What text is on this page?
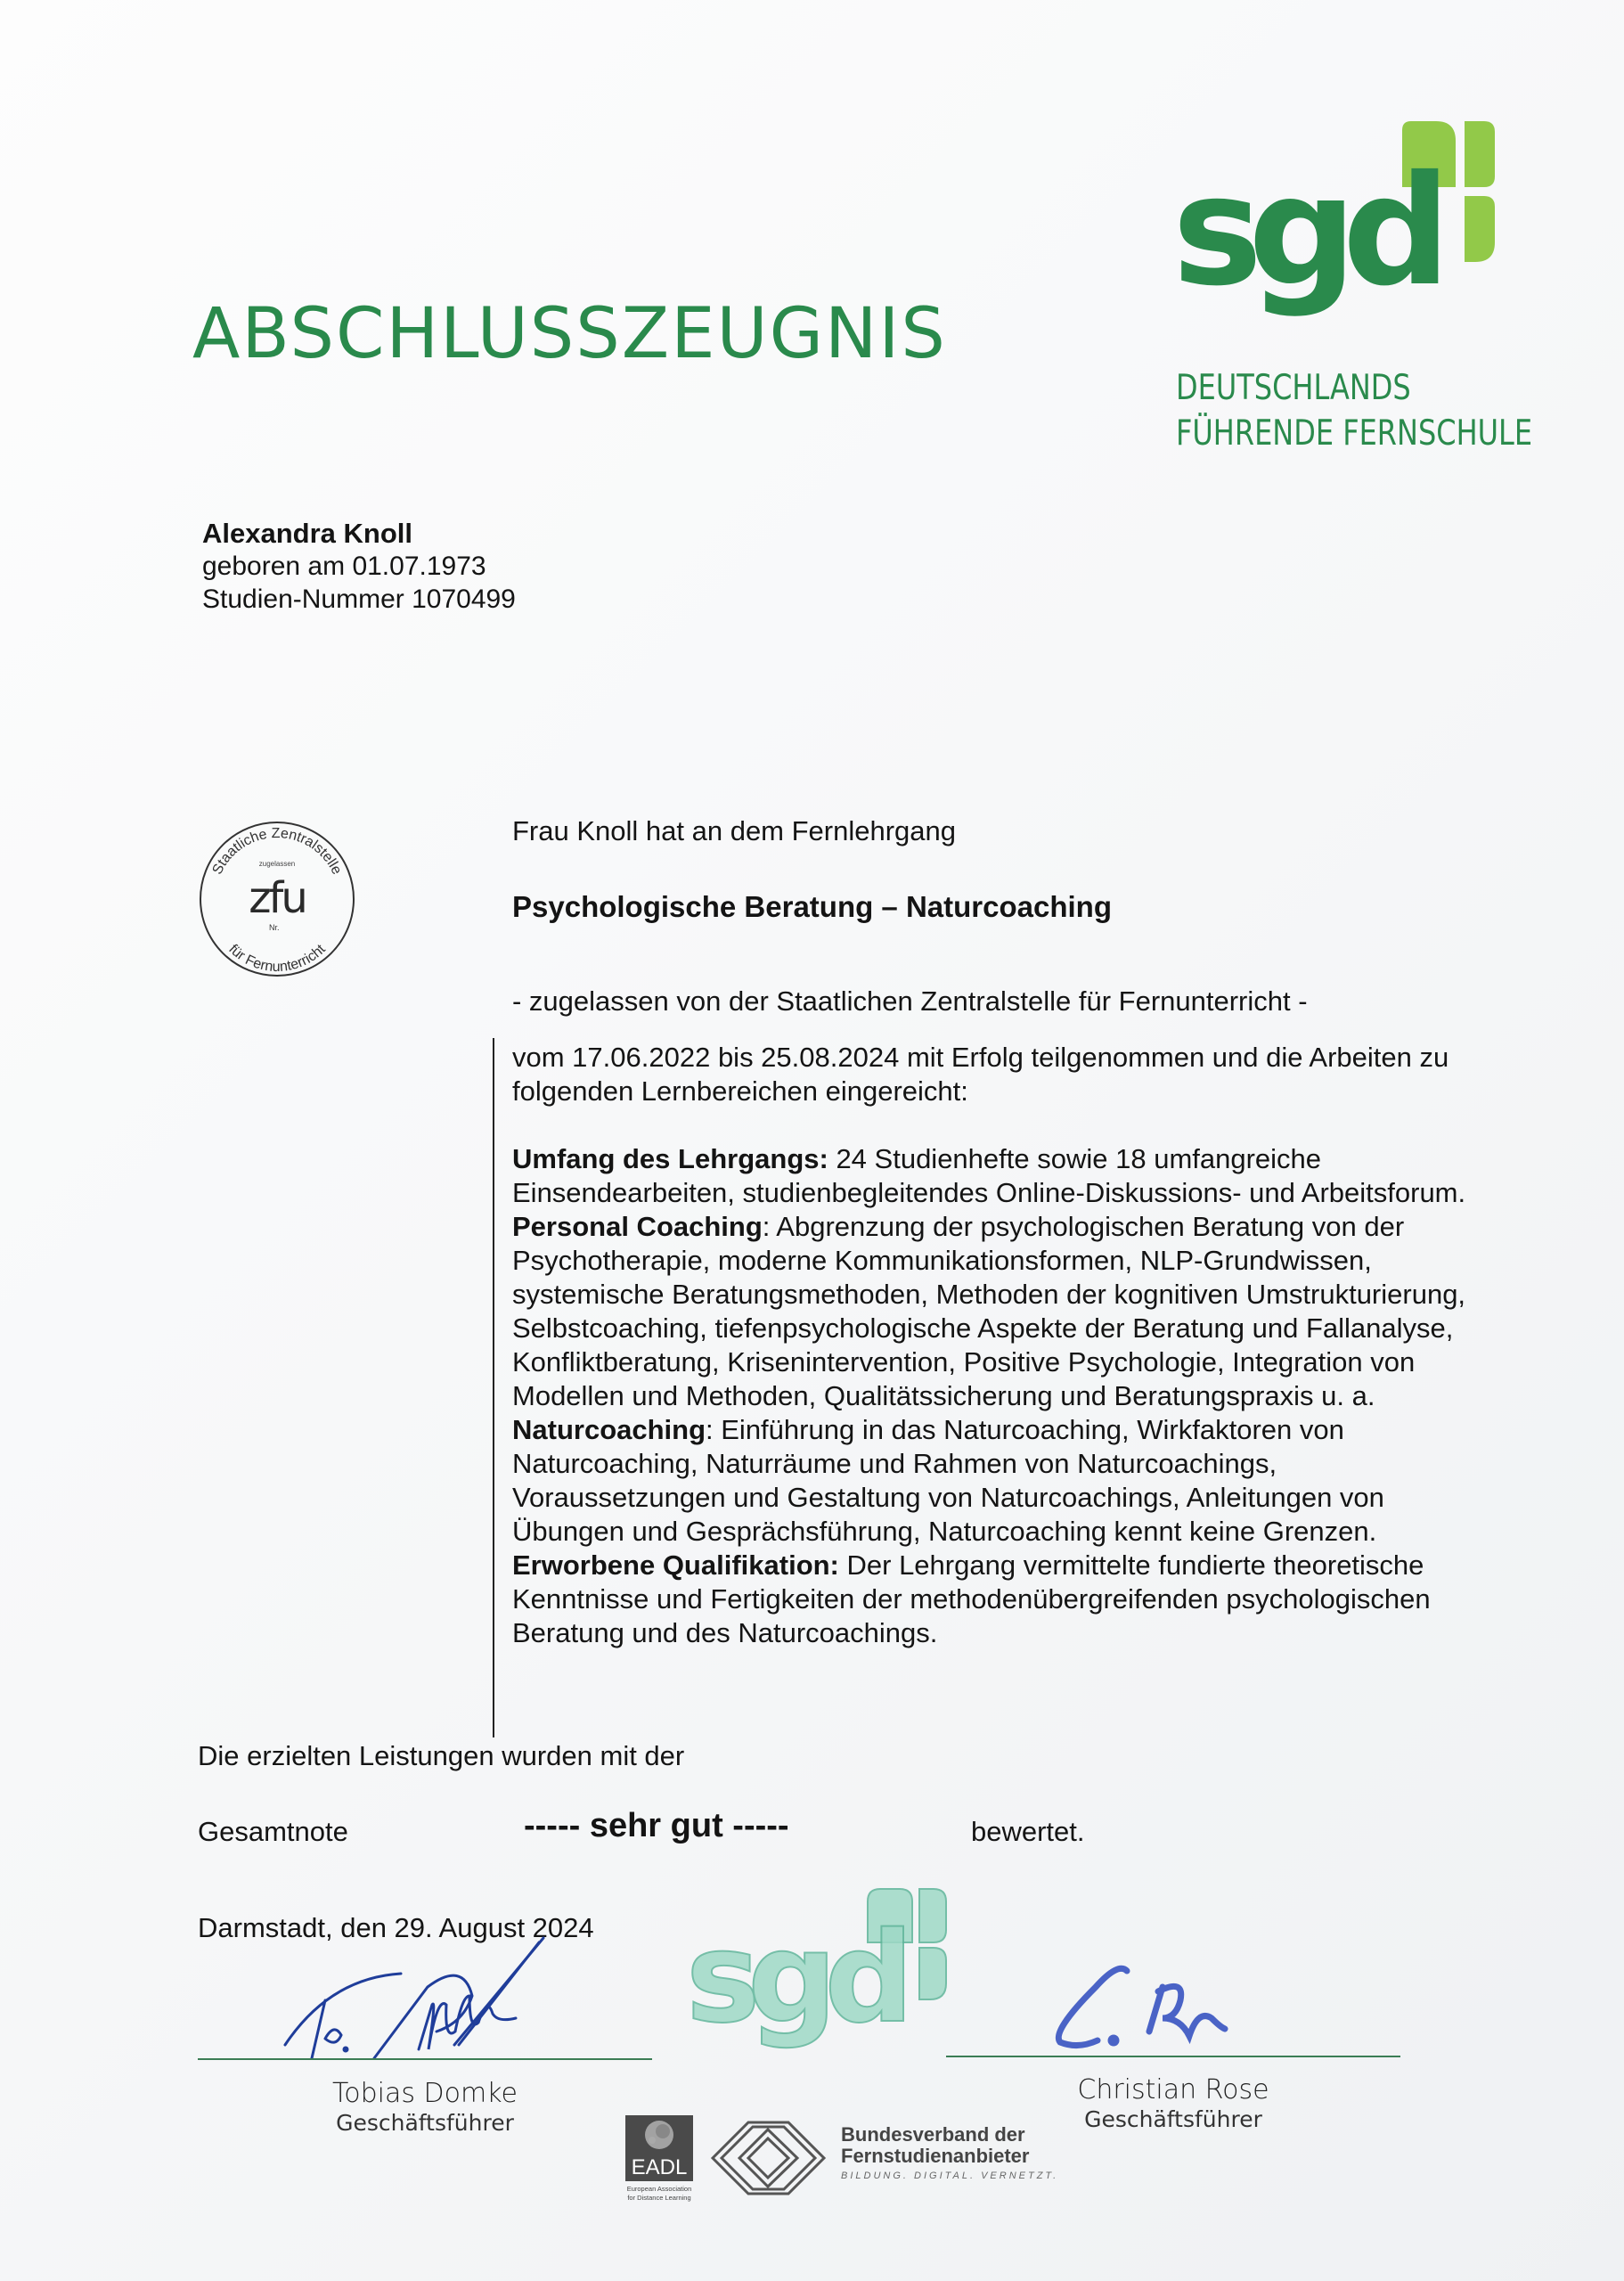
ABSCHLUSSZEUGNIS
sgd
DEUTSCHLANDS
FÜHRENDE FERNSCHULE
Alexandra Knoll
geboren am 01.07.1973
Studien-Nummer 1070499
Staatliche Zentralstelle
für Fernunterricht
zugelassen
zfu
Nr.
Frau Knoll hat an dem Fernlehrgang
Psychologische Beratung – Naturcoaching
- zugelassen von der Staatlichen Zentralstelle für Fernunterricht -

vom 17.06.2022 bis 25.08.2024 mit Erfolg teilgenommen und die Arbeiten zu folgenden Lernbereichen eingereicht:

Umfang des Lehrgangs: 24 Studienhefte sowie 18 umfangreiche Einsendearbeiten, studienbegleitendes Online-Diskussions- und Arbeitsforum.

Personal Coaching: Abgrenzung der psychologischen Beratung von der Psychotherapie, moderne Kommunikationsformen, NLP-Grundwissen, systemische Beratungsmethoden, Methoden der kognitiven Umstrukturierung, Selbstcoaching, tiefenpsychologische Aspekte der Beratung und Fallanalyse, Konfliktberatung, Krisenintervention, Positive Psychologie, Integration von Modellen und Methoden, Qualitätssicherung und Beratungspraxis u. a.

Naturcoaching: Einführung in das Naturcoaching, Wirkfaktoren von Naturcoaching, Naturräume und Rahmen von Naturcoachings, Voraussetzungen und Gestaltung von Naturcoachings, Anleitungen von Übungen und Gesprächsführung, Naturcoaching kennt keine Grenzen.

Erworbene Qualifikation: Der Lehrgang vermittelte fundierte theoretische Kenntnisse und Fertigkeiten der methodenübergreifenden psychologischen Beratung und des Naturcoachings.

Die erzielten Leistungen wurden mit der
Gesamtnote	----- sehr gut -----	bewertet.
Darmstadt, den 29. August 2024 sgd
Tobias Domke
Geschäftsführer
Christian Rose
Geschäftsführer
EADL
European Association
for Distance Learning
Bundesverband der
Fernstudienanbieter
BILDUNG. DIGITAL. VERNETZT.
